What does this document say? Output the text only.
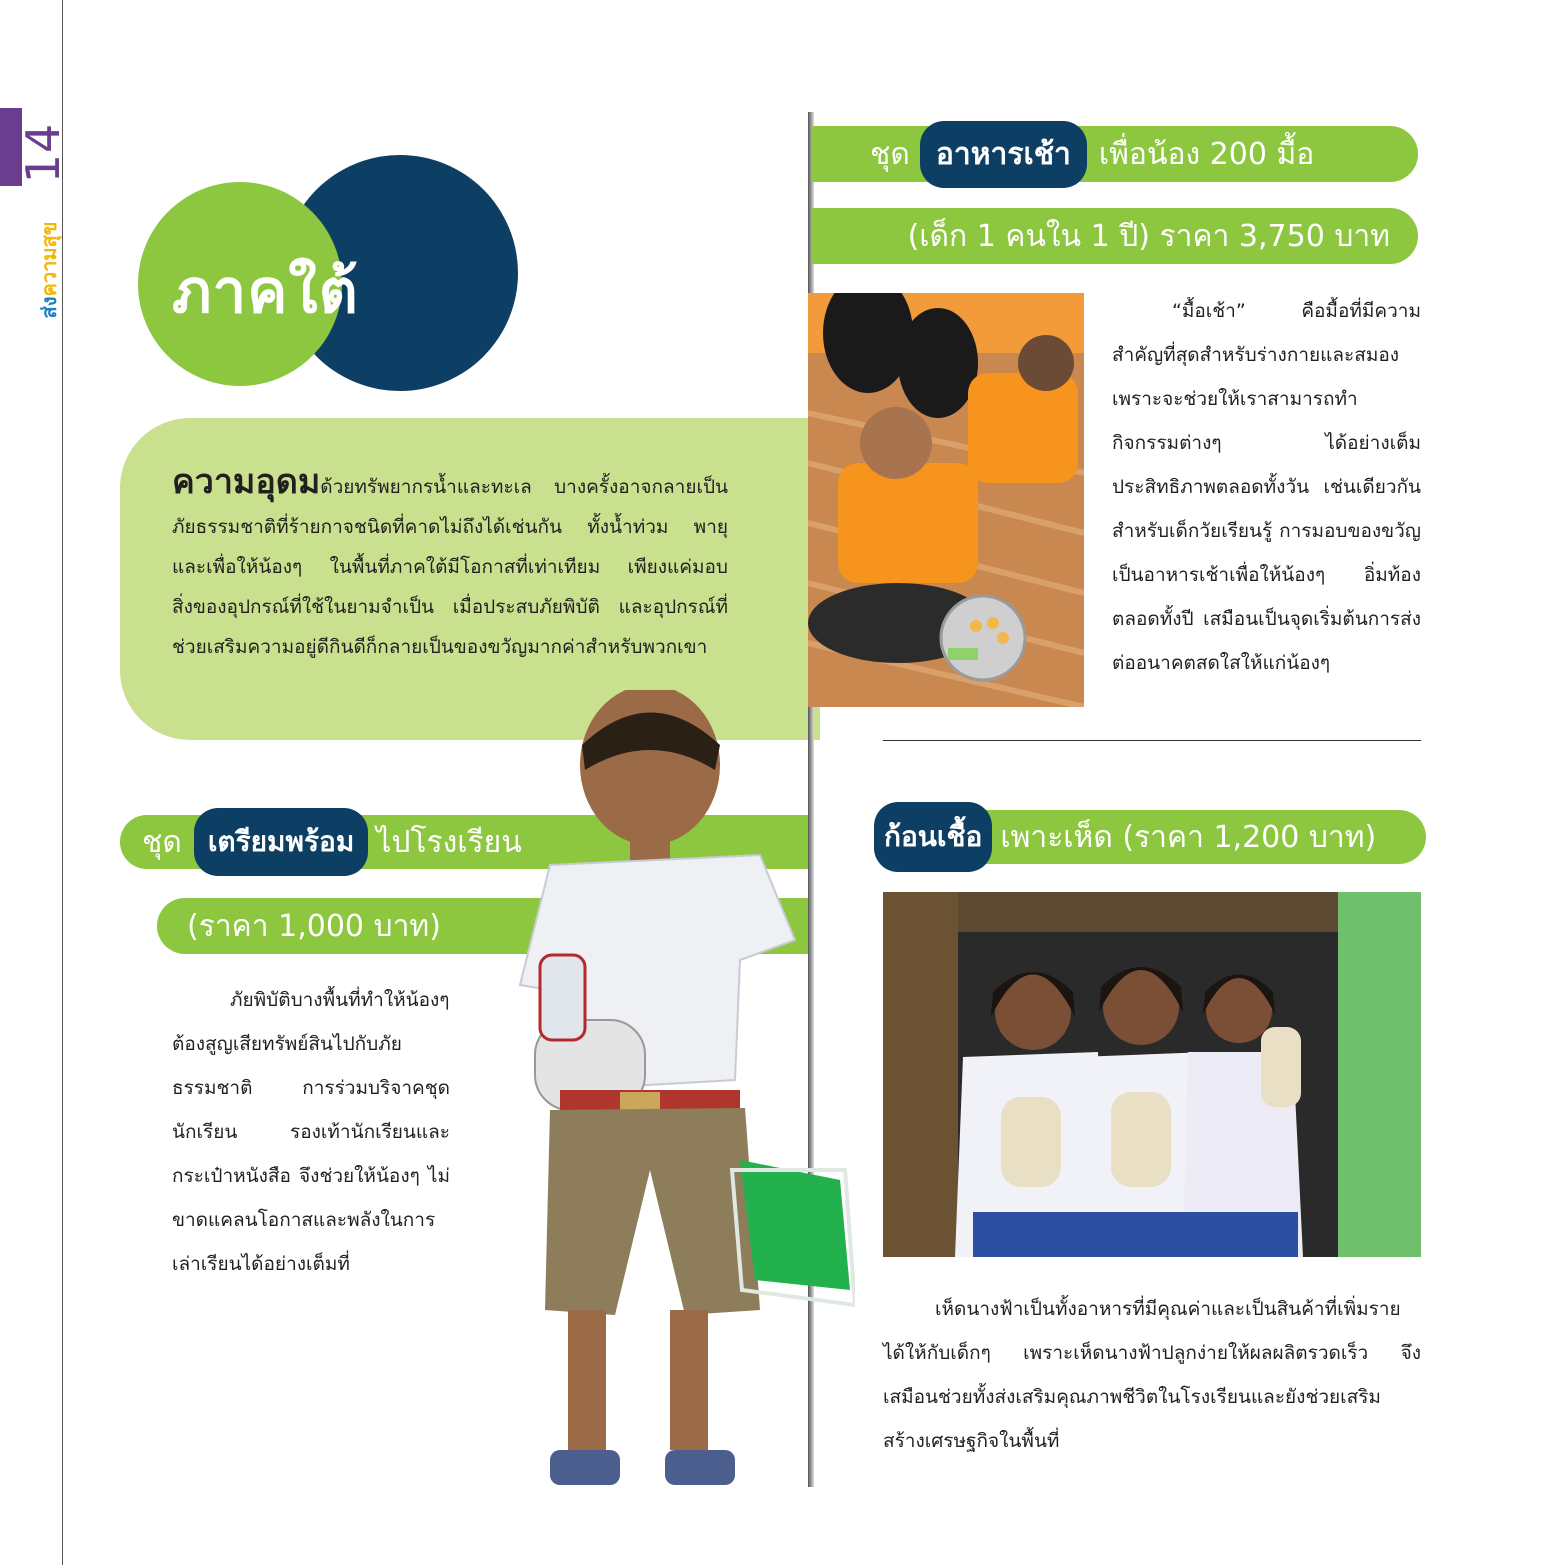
14
ส่ง
ความสุข ภาคใต้
ความอุดมด้วยทรัพยากรน้ำและทะเล บางครั้งอาจกลายเป็นภัยธรรมชาติที่ร้ายกาจชนิดที่คาดไม่ถึงได้เช่นกัน ทั้งน้ำท่วม พายุ และเพื่อให้น้องๆ ในพื้นที่ภาคใต้มีโอกาสที่เท่าเทียม เพียงแค่มอบสิ่งของอุปกรณ์ที่ใช้ในยามจำเป็น เมื่อประสบภัยพิบัติ และอุปกรณ์ที่ช่วยเสริมความอยู่ดีกินดีก็กลายเป็นของขวัญมากค่าสำหรับพวกเขา
ชุด อาหารเช้า เพื่อน้อง 200 มื้อ
(เด็ก 1 คนใน 1 ปี) ราคา 3,750 บาท
“มื้อเช้า” คือมื้อที่มีความสำคัญที่สุดสำหรับร่างกายและสมอง เพราะจะช่วยให้เราสามารถทำกิจกรรมต่างๆ ได้อย่างเต็มประสิทธิภาพตลอดทั้งวัน เช่นเดียวกันสำหรับเด็กวัยเรียนรู้ การมอบของขวัญเป็นอาหารเช้าเพื่อให้น้องๆ อิ่มท้องตลอดทั้งปี เสมือนเป็นจุดเริ่มต้นการส่งต่ออนาคตสดใสให้แก่น้องๆ
ชุด เตรียมพร้อม ไปโรงเรียน
(ราคา 1,000 บาท)
ภัยพิบัติบางพื้นที่ทำให้น้องๆ ต้องสูญเสียทรัพย์สินไปกับภัยธรรมชาติ การร่วมบริจาคชุดนักเรียน รองเท้านักเรียนและกระเป๋าหนังสือ จึงช่วยให้น้องๆ ไม่ขาดแคลนโอกาสและพลังในการเล่าเรียนได้อย่างเต็มที่
ก้อนเชื้อ เพาะเห็ด (ราคา 1,200 บาท)
เห็ดนางฟ้าเป็นทั้งอาหารที่มีคุณค่าและเป็นสินค้าที่เพิ่มรายได้ให้กับเด็กๆ เพราะเห็ดนางฟ้าปลูกง่ายให้ผลผลิตรวดเร็ว จึงเสมือนช่วยทั้งส่งเสริมคุณภาพชีวิตในโรงเรียนและยังช่วยเสริมสร้างเศรษฐกิจในพื้นที่
